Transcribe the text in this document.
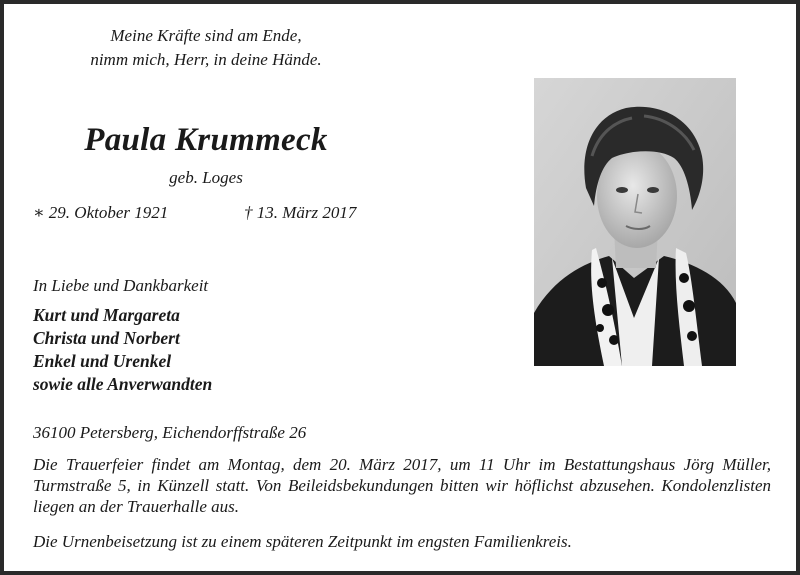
Meine Kräfte sind am Ende,
nimm mich, Herr, in deine Hände.
Paula Krummeck
geb. Loges
∗ 29. Oktober 1921	† 13. März 2017
In Liebe und Dankbarkeit
Kurt und Margareta
Christa und Norbert
Enkel und Urenkel
sowie alle Anverwandten
36100 Petersberg, Eichendorffstraße 26
Die Trauerfeier findet am Montag, dem 20. März 2017, um 11 Uhr im Bestattungshaus Jörg Müller, Turmstraße 5, in Künzell statt. Von Beileidsbekundungen bitten wir höflichst abzusehen. Kondolenzlisten liegen an der Trauerhalle aus.
Die Urnenbeisetzung ist zu einem späteren Zeitpunkt im engsten Familienkreis.
